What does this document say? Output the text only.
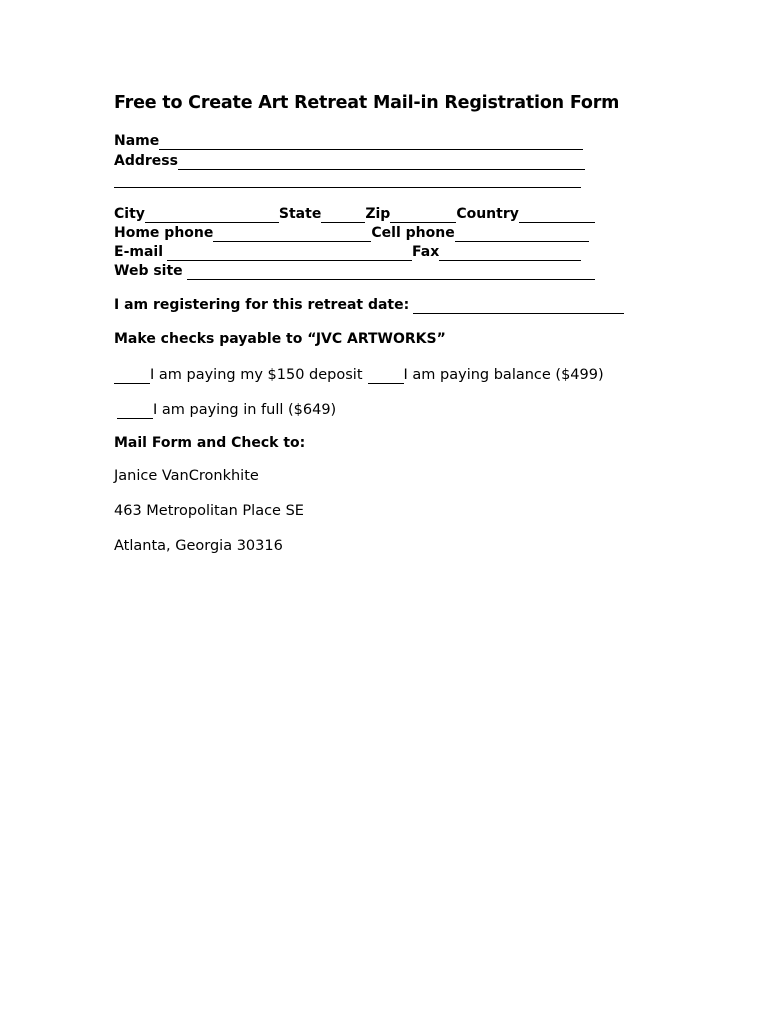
Free to Create Art Retreat Mail-in Registration Form
Name
Address
City	State	Zip	Country
Home phone	Cell phone
E-mail	Fax
Web site
I am registering for this retreat date:
Make checks payable to “JVC ARTWORKS”
I am paying my $150 deposit	I am paying balance ($499)
I am paying in full ($649)
Mail Form and Check to:
Janice VanCronkhite
463 Metropolitan Place SE
Atlanta, Georgia 30316
